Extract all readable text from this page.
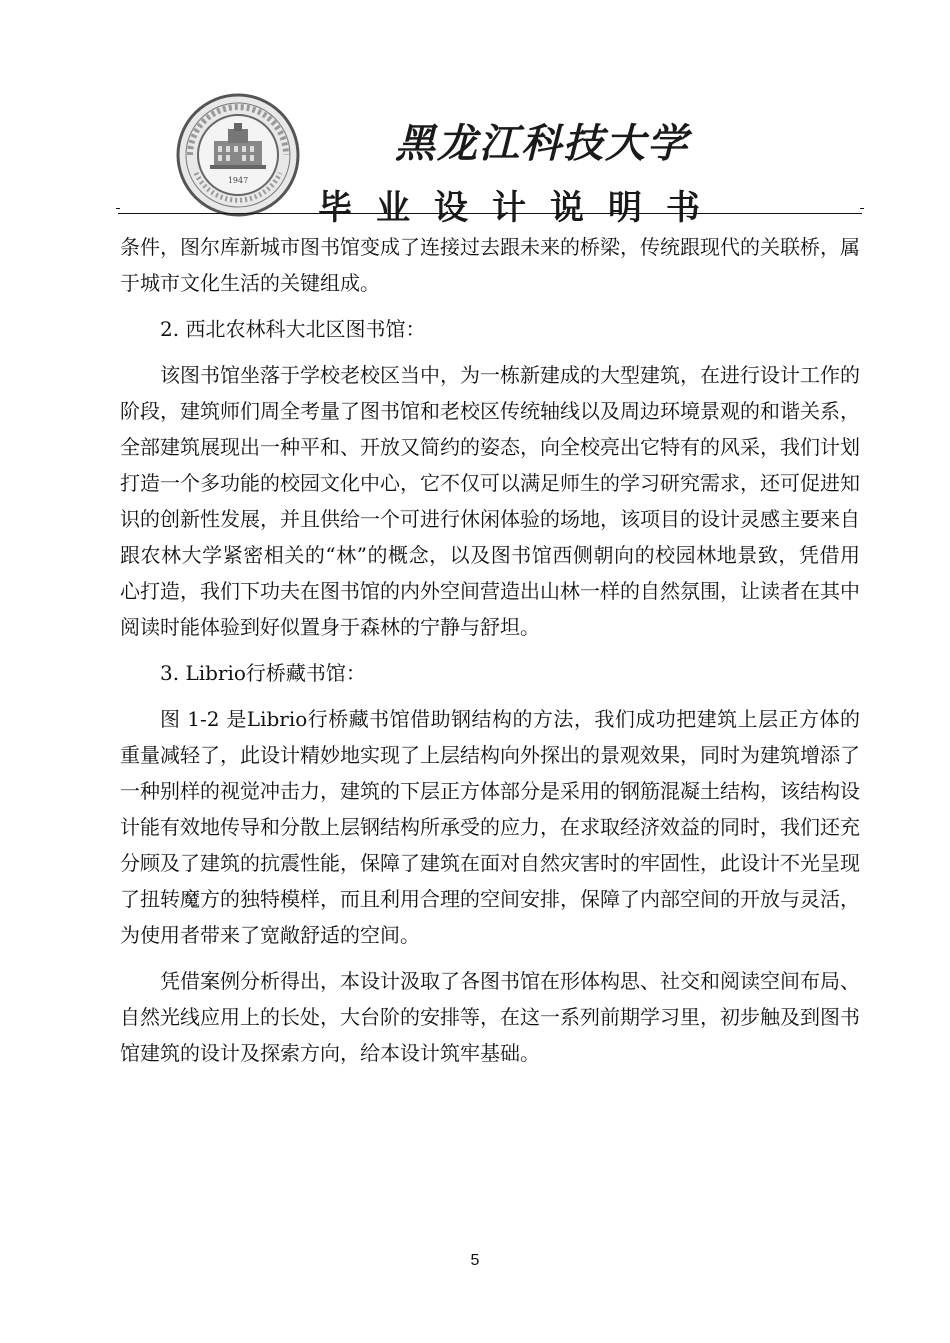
1947
黑龙江科技大学
毕业设计说明书

条件，图尔库新城市图书馆变成了连接过去跟未来的桥梁，传统跟现代的关联桥，属于城市文化生活的关键组成。

2. 西北农林科大北区图书馆：

该图书馆坐落于学校老校区当中，为一栋新建成的大型建筑，在进行设计工作的阶段，建筑师们周全考量了图书馆和老校区传统轴线以及周边环境景观的和谐关系，全部建筑展现出一种平和、开放又简约的姿态，向全校亮出它特有的风采，我们计划打造一个多功能的校园文化中心，它不仅可以满足师生的学习研究需求，还可促进知识的创新性发展，并且供给一个可进行休闲体验的场地，该项目的设计灵感主要来自跟农林大学紧密相关的“林”的概念，以及图书馆西侧朝向的校园林地景致，凭借用心打造，我们下功夫在图书馆的内外空间营造出山林一样的自然氛围，让读者在其中阅读时能体验到好似置身于森林的宁静与舒坦。

3. Librio行桥藏书馆：

图 1-2 是Librio行桥藏书馆借助钢结构的方法，我们成功把建筑上层正方体的重量减轻了，此设计精妙地实现了上层结构向外探出的景观效果，同时为建筑增添了一种别样的视觉冲击力，建筑的下层正方体部分是采用的钢筋混凝土结构，该结构设计能有效地传导和分散上层钢结构所承受的应力，在求取经济效益的同时，我们还充分顾及了建筑的抗震性能，保障了建筑在面对自然灾害时的牢固性，此设计不光呈现了扭转魔方的独特模样，而且利用合理的空间安排，保障了内部空间的开放与灵活，为使用者带来了宽敞舒适的空间。

凭借案例分析得出，本设计汲取了各图书馆在形体构思、社交和阅读空间布局、自然光线应用上的长处，大台阶的安排等，在这一系列前期学习里，初步触及到图书馆建筑的设计及探索方向，给本设计筑牢基础。

5
